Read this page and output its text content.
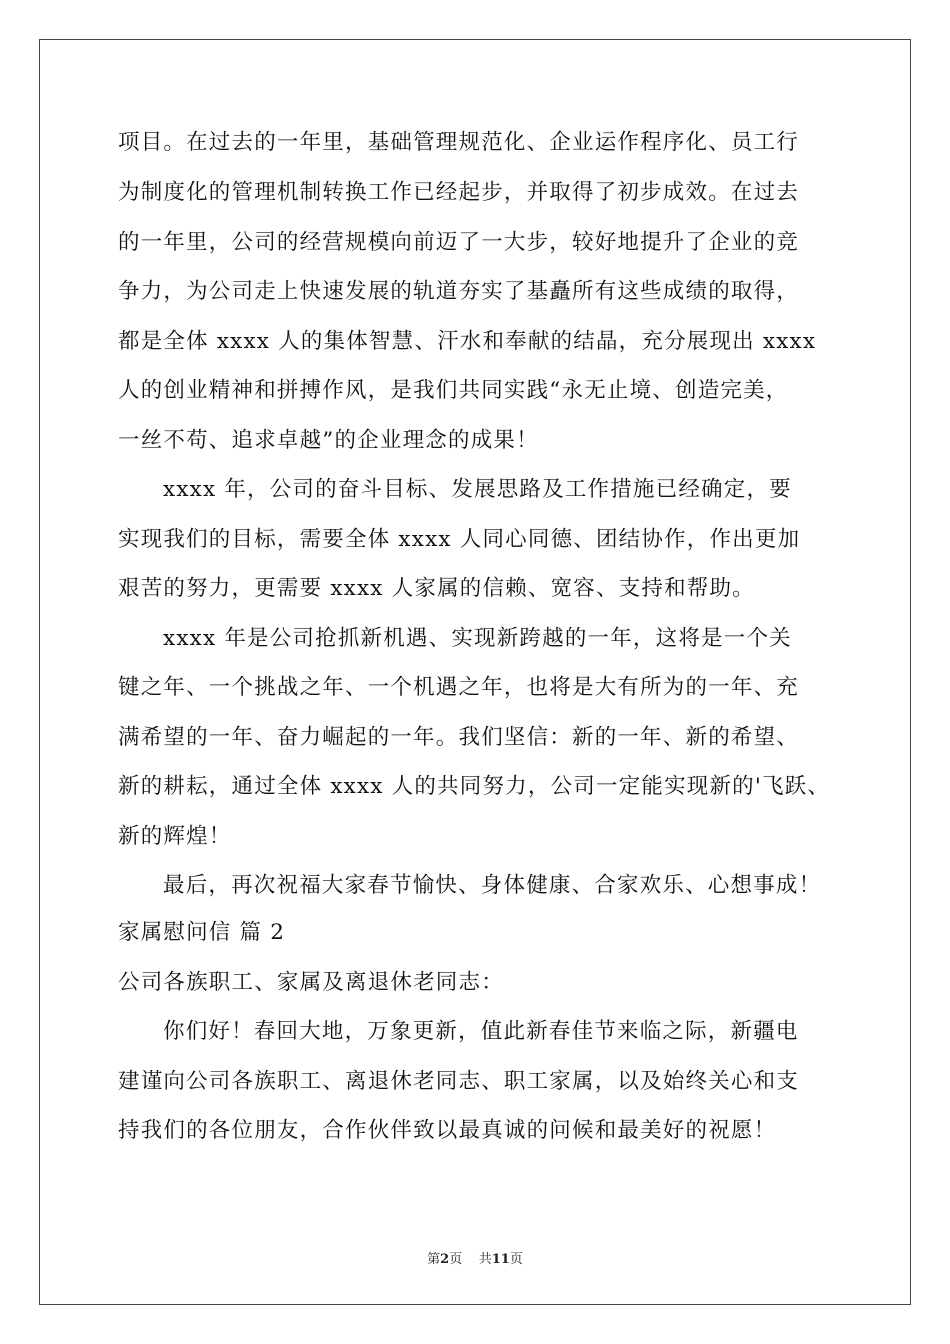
项目。在过去的一年里，基础管理规范化、企业运作程序化、员工行
为制度化的管理机制转换工作已经起步，并取得了初步成效。在过去
的一年里，公司的经营规模向前迈了一大步，较好地提升了企业的竞
争力，为公司走上快速发展的轨道夯实了基矗所有这些成绩的取得，
都是全体 xxxx 人的集体智慧、汗水和奉献的结晶，充分展现出 xxxx
人的创业精神和拼搏作风，是我们共同实践“永无止境、创造完美，
一丝不苟、追求卓越”的企业理念的成果！
xxxx 年，公司的奋斗目标、发展思路及工作措施已经确定，要
实现我们的目标，需要全体 xxxx 人同心同德、团结协作，作出更加
艰苦的努力，更需要 xxxx 人家属的信赖、宽容、支持和帮助。
xxxx 年是公司抢抓新机遇、实现新跨越的一年，这将是一个关
键之年、一个挑战之年、一个机遇之年，也将是大有所为的一年、充
满希望的一年、奋力崛起的一年。我们坚信：新的一年、新的希望、
新的耕耘，通过全体 xxxx 人的共同努力，公司一定能实现新的'飞跃、
新的辉煌！
最后，再次祝福大家春节愉快、身体健康、合家欢乐、心想事成！
家属慰问信 篇 2
公司各族职工、家属及离退休老同志：
你们好！春回大地，万象更新，值此新春佳节来临之际，新疆电
建谨向公司各族职工、离退休老同志、职工家属，以及始终关心和支
持我们的各位朋友，合作伙伴致以最真诚的问候和最美好的祝愿！
第2页 共11页
